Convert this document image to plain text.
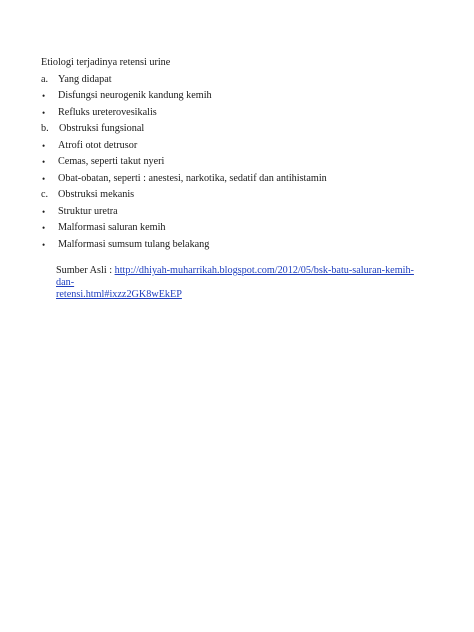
Etiologi terjadinya retensi urine
a. Yang didapat
• Disfungsi neurogenik kandung kemih
• Refluks ureterovesikalis
b. Obstruksi fungsional
• Atrofi otot detrusor
• Cemas, seperti takut nyeri
• Obat-obatan, seperti : anestesi, narkotika, sedatif dan antihistamin
c. Obstruksi mekanis
• Struktur uretra
• Malformasi saluran kemih
• Malformasi sumsum tulang belakang
Sumber Asli : http://dhiyah-muharrikah.blogspot.com/2012/05/bsk-batu-saluran-kemih-dan-
retensi.html#ixzz2GK8wEkEP
